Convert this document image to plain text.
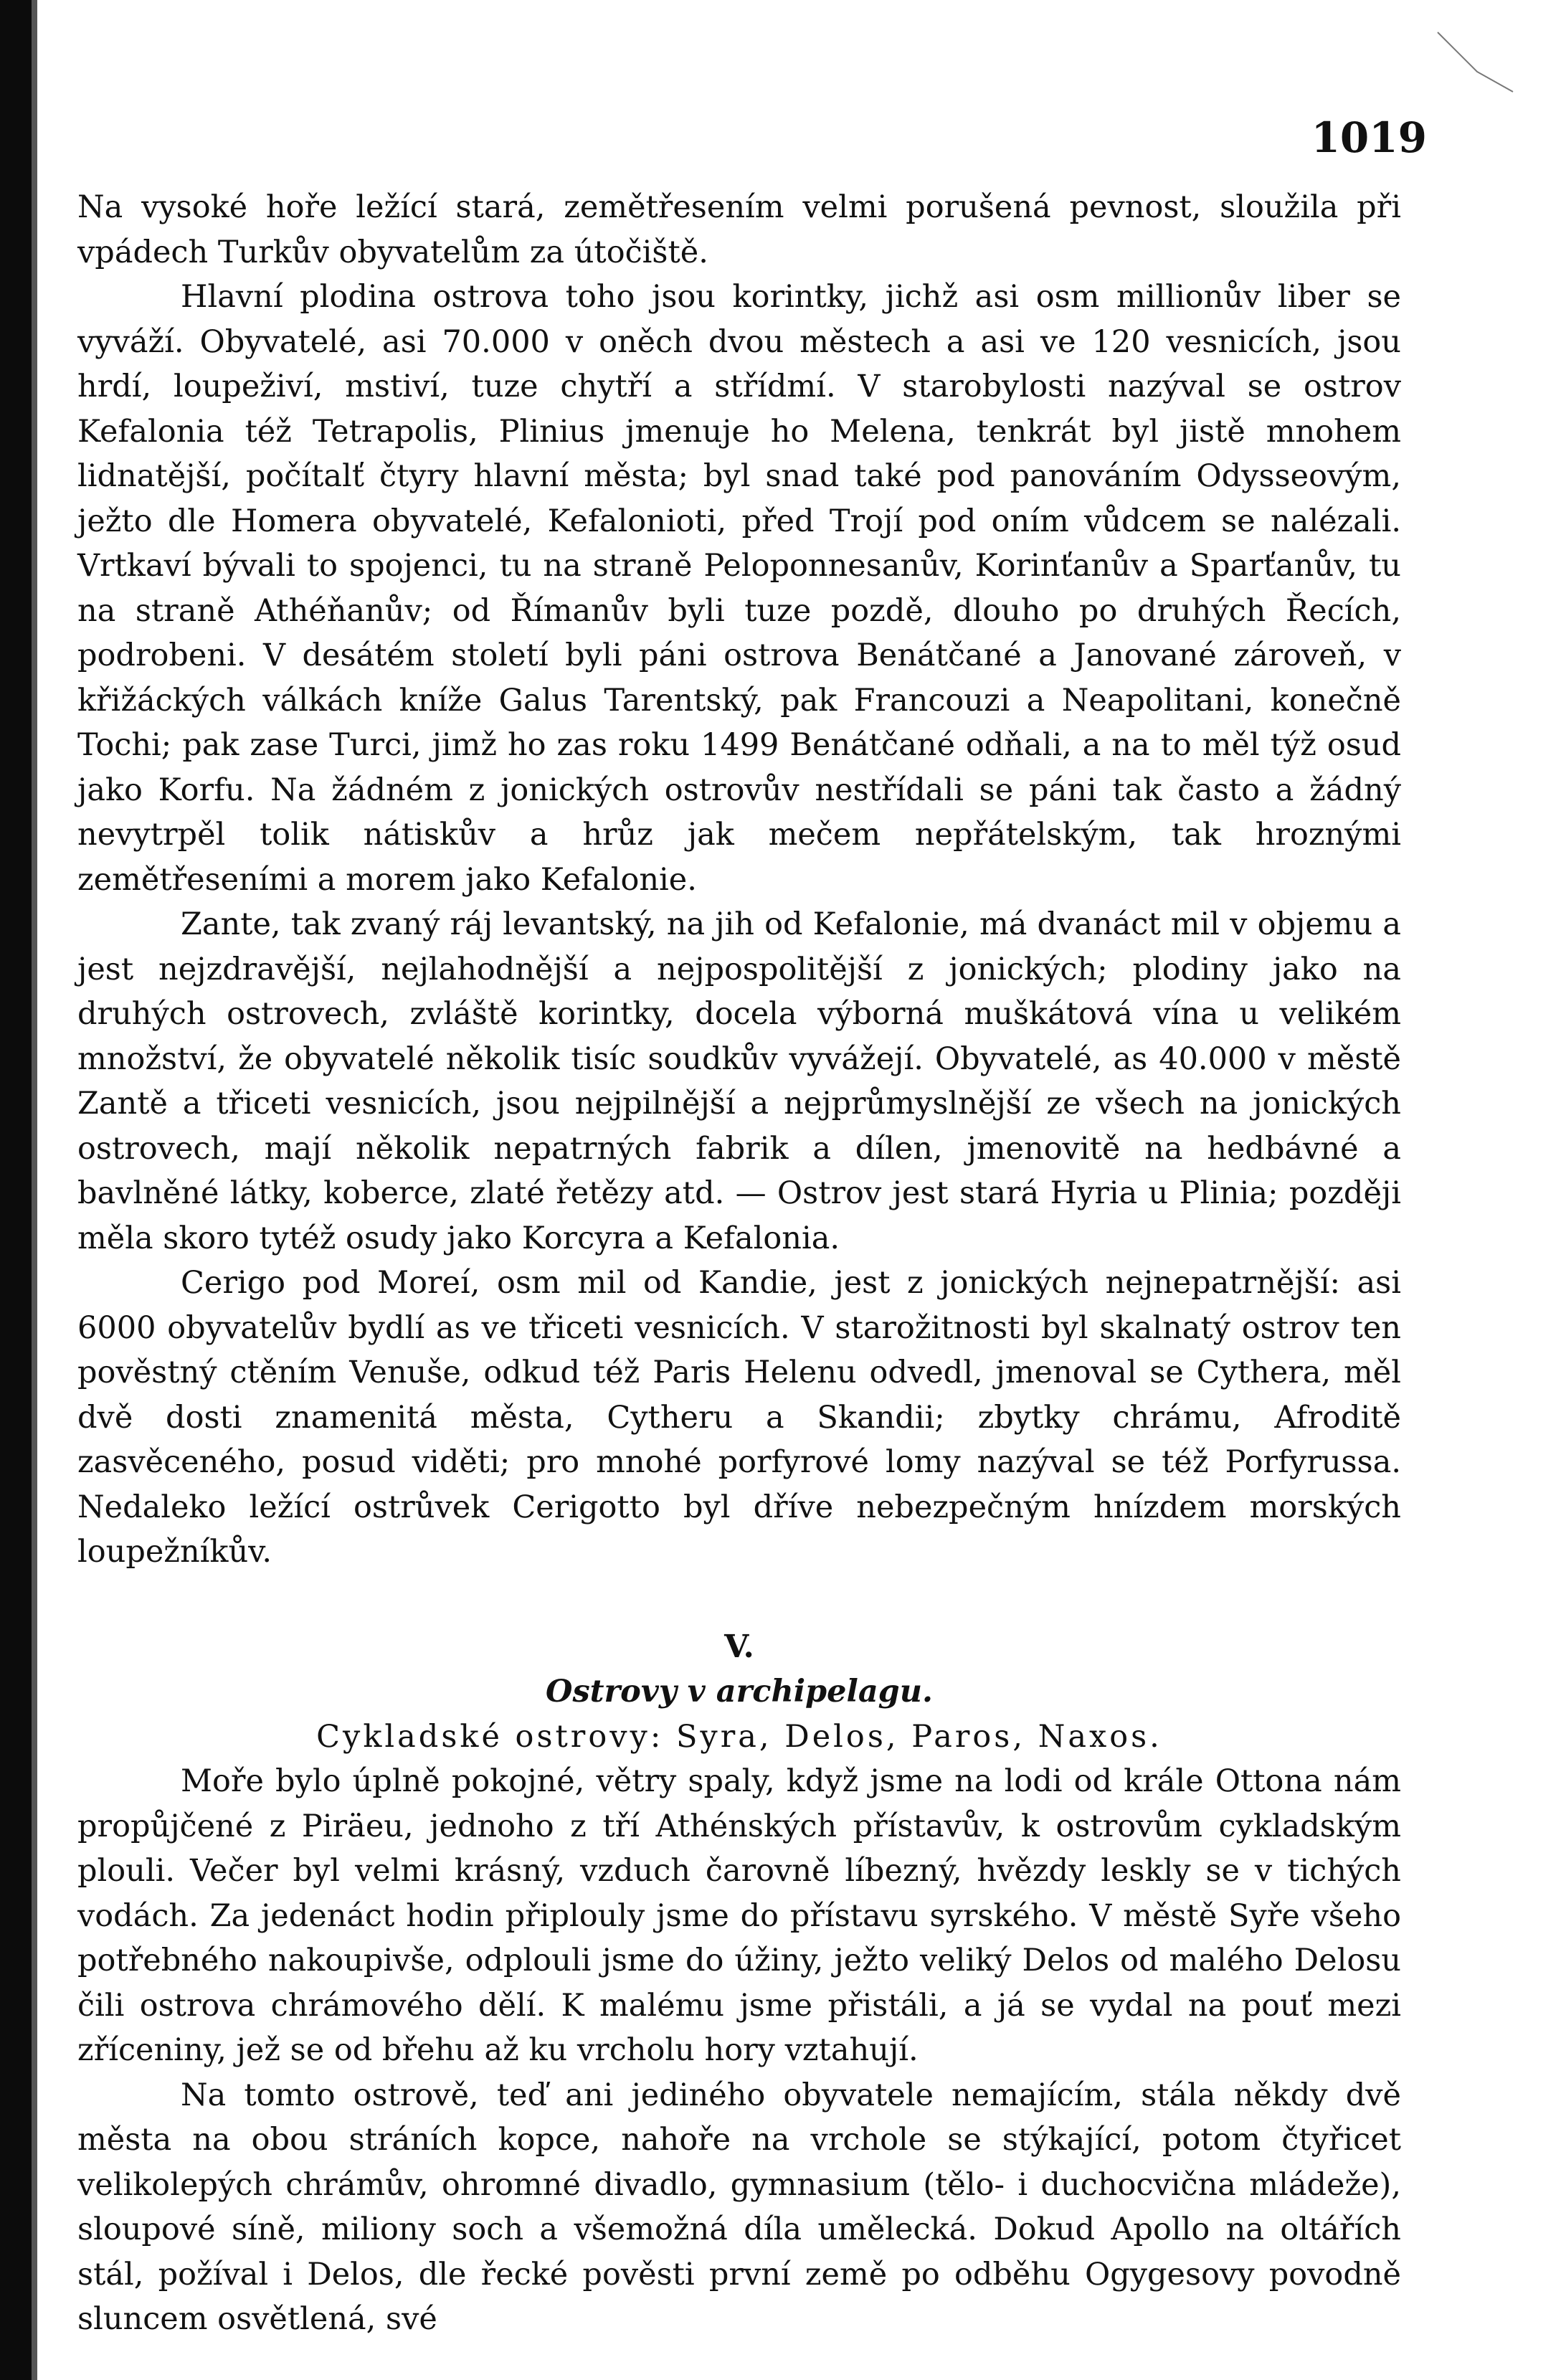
1019

Na vysoké hoře ležící stará, zemětřesením velmi porušená pevnost, sloužila při vpádech Turkův obyvatelům za útočiště.

Hlavní plodina ostrova toho jsou korintky, jichž asi osm millionův liber se vyváží. Obyvatelé, asi 70.000 v oněch dvou městech a asi ve 120 vesnicích, jsou hrdí, loupeživí, mstiví, tuze chytří a střídmí. V starobylosti nazýval se ostrov Kefalonia též Tetrapolis, Plinius jmenuje ho Melena, tenkrát byl jistě mnohem lidnatější, počítalť čtyry hlavní města; byl snad také pod panováním Odysseovým, ježto dle Homera obyvatelé, Kefalonioti, před Trojí pod oním vůdcem se nalézali. Vrtkaví bývali to spojenci, tu na straně Peloponnesanův, Korinťanův a Sparťanův, tu na straně Athéňanův; od Římanův byli tuze pozdě, dlouho po druhých Řecích, podrobeni. V desátém století byli páni ostrova Benátčané a Janované zároveň, v křižáckých válkách kníže Galus Tarentský, pak Francouzi a Neapolitani, konečně Tochi; pak zase Turci, jimž ho zas roku 1499 Benátčané odňali, a na to měl týž osud jako Korfu. Na žádném z jonických ostrovův nestřídali se páni tak často a žádný nevytrpěl tolik nátiskův a hrůz jak mečem nepřátelským, tak hroznými zemětřeseními a morem jako Kefalonie.

Zante, tak zvaný ráj levantský, na jih od Kefalonie, má dvanáct mil v objemu a jest nejzdravější, nejlahodnější a nejpospolitější z jonických; plodiny jako na druhých ostrovech, zvláště korintky, docela výborná muškátová vína u velikém množství, že obyvatelé několik tisíc soudkův vyvážejí. Obyvatelé, as 40.000 v městě Zantě a třiceti vesnicích, jsou nejpilnější a nejprůmyslnější ze všech na jonických ostrovech, mají několik nepatrných fabrik a dílen, jmenovitě na hedbávné a bavlněné látky, koberce, zlaté řetězy atd. — Ostrov jest stará Hyria u Plinia; později měla skoro tytéž osudy jako Korcyra a Kefalonia.

Cerigo pod Moreí, osm mil od Kandie, jest z jonických nejnepatrnější: asi 6000 obyvatelův bydlí as ve třiceti vesnicích. V starožitnosti byl skalnatý ostrov ten pověstný ctěním Venuše, odkud též Paris Helenu odvedl, jmenoval se Cythera, měl dvě dosti znamenitá města, Cytheru a Skandii; zbytky chrámu, Afroditě zasvěceného, posud viděti; pro mnohé porfyrové lomy nazýval se též Porfyrussa. Nedaleko ležící ostrůvek Cerigotto byl dříve nebezpečným hnízdem morských loupežníkův.

V.

Ostrovy v archipelagu.

Cykladské ostrovy: Syra, Delos, Paros, Naxos.

Moře bylo úplně pokojné, větry spaly, když jsme na lodi od krále Ottona nám propůjčené z Piräeu, jednoho z tří Athénských přístavův, k ostrovům cykladským plouli. Večer byl velmi krásný, vzduch čarovně líbezný, hvězdy leskly se v tichých vodách. Za jedenáct hodin připlouly jsme do přístavu syrského. V městě Syře všeho potřebného nakoupivše, odplouli jsme do úžiny, ježto veliký Delos od malého Delosu čili ostrova chrámového dělí. K malému jsme přistáli, a já se vydal na pouť mezi zříceniny, jež se od břehu až ku vrcholu hory vztahují.

Na tomto ostrově, teď ani jediného obyvatele nemajícím, stála někdy dvě města na obou stráních kopce, nahoře na vrchole se stýkající, potom čtyřicet velikolepých chrámův, ohromné divadlo, gymnasium (tělo- i duchocvična mládeže), sloupové síně, miliony soch a všemožná díla umělecká. Dokud Apollo na oltářích stál, požíval i Delos, dle řecké pověsti první země po odběhu Ogygesovy povodně sluncem osvětlená, své
